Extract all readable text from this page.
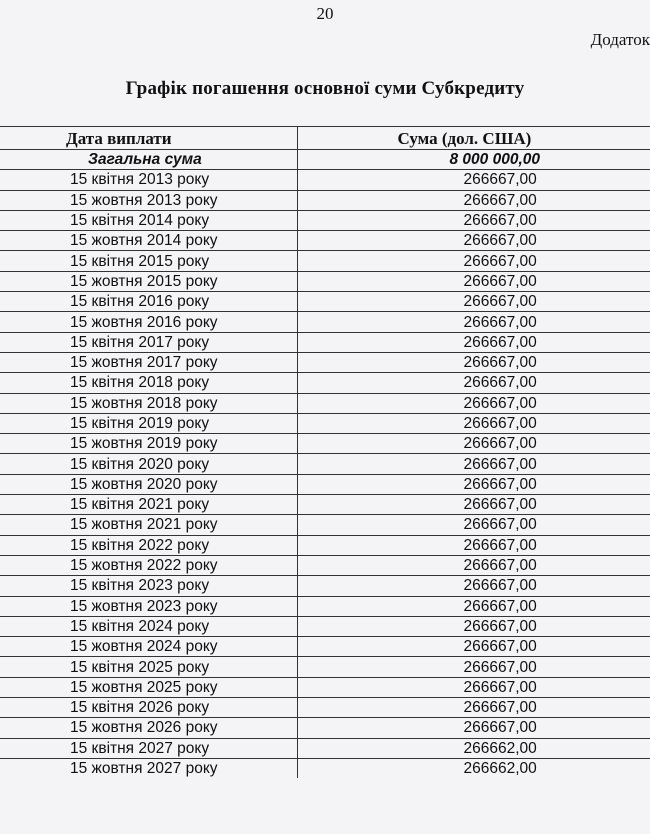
20
Додаток
Графік погашення основної суми Субкредиту
Дата виплати	Сума (дол. США)
Загальна сума	8 000 000,00
15 квітня 2013 року	266667,00
15 жовтня 2013 року	266667,00
15 квітня 2014 року	266667,00
15 жовтня 2014 року	266667,00
15 квітня 2015 року	266667,00
15 жовтня 2015 року	266667,00
15 квітня 2016 року	266667,00
15 жовтня 2016 року	266667,00
15 квітня 2017 року	266667,00
15 жовтня 2017 року	266667,00
15 квітня 2018 року	266667,00
15 жовтня 2018 року	266667,00
15 квітня 2019 року	266667,00
15 жовтня 2019 року	266667,00
15 квітня 2020 року	266667,00
15 жовтня 2020 року	266667,00
15 квітня 2021 року	266667,00
15 жовтня 2021 року	266667,00
15 квітня 2022 року	266667,00
15 жовтня 2022 року	266667,00
15 квітня 2023 року	266667,00
15 жовтня 2023 року	266667,00
15 квітня 2024 року	266667,00
15 жовтня 2024 року	266667,00
15 квітня 2025 року	266667,00
15 жовтня 2025 року	266667,00
15 квітня 2026 року	266667,00
15 жовтня 2026 року	266667,00
15 квітня 2027 року	266662,00
15 жовтня 2027 року	266662,00
